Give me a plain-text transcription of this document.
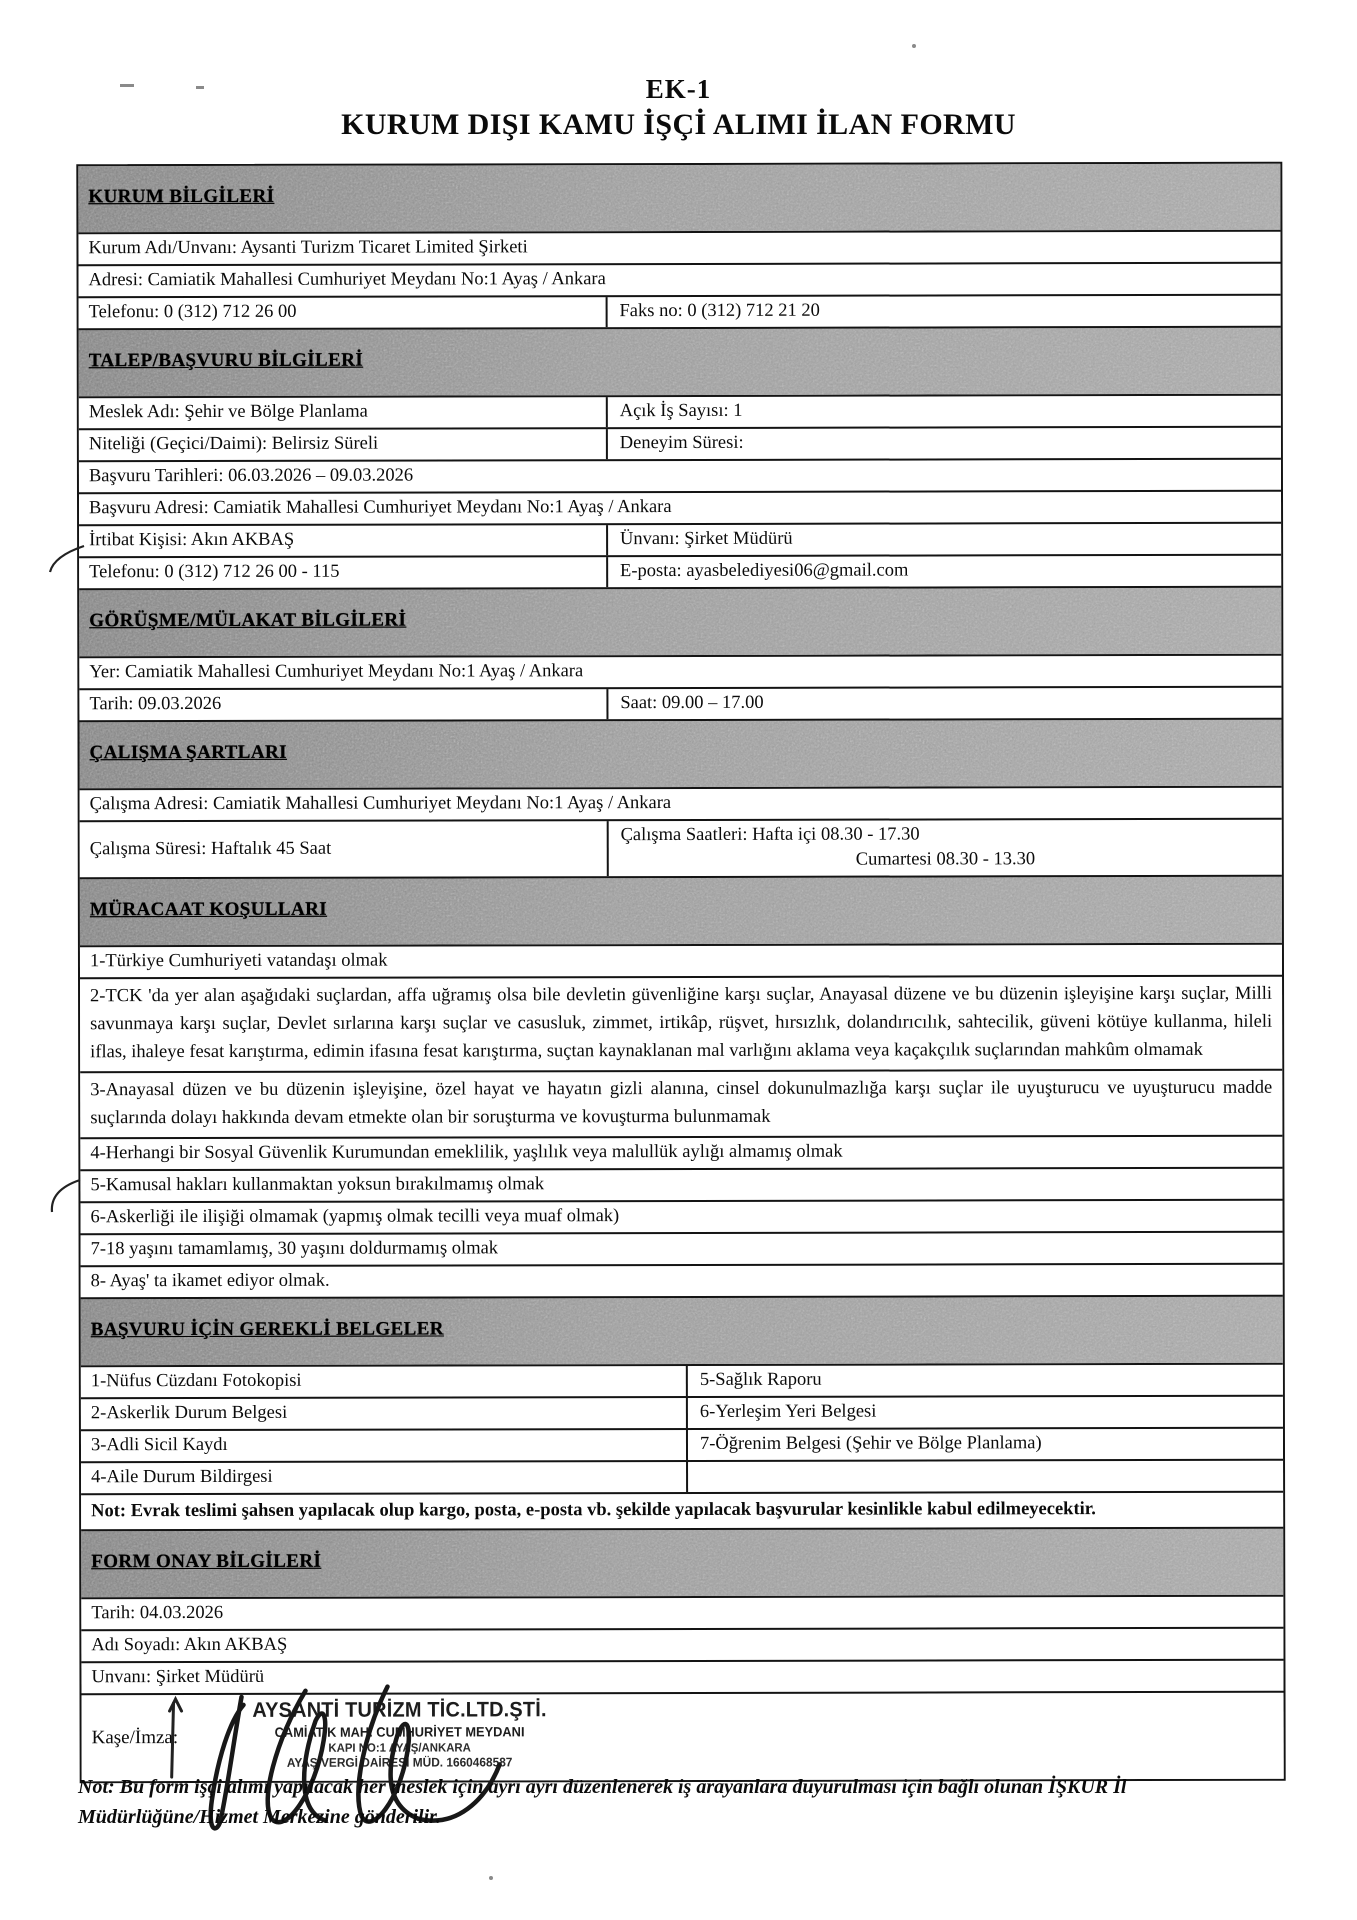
EK-1
KURUM DIŞI KAMU İŞÇİ ALIMI İLAN FORMU
KURUM BİLGİLERİ
Kurum Adı/Unvanı: Aysanti Turizm Ticaret Limited Şirketi
Adresi: Camiatik Mahallesi Cumhuriyet Meydanı No:1 Ayaş / Ankara
Telefonu: 0 (312) 712 26 00	Faks no: 0 (312) 712 21 20
TALEP/BAŞVURU BİLGİLERİ
Meslek Adı: Şehir ve Bölge Planlama	Açık İş Sayısı: 1
Niteliği (Geçici/Daimi): Belirsiz Süreli	Deneyim Süresi:
Başvuru Tarihleri: 06.03.2026 – 09.03.2026
Başvuru Adresi: Camiatik Mahallesi Cumhuriyet Meydanı No:1 Ayaş / Ankara
İrtibat Kişisi: Akın AKBAŞ	Ünvanı: Şirket Müdürü
Telefonu: 0 (312) 712 26 00 - 115	E-posta: ayasbelediyesi06@gmail.com
GÖRÜŞME/MÜLAKAT BİLGİLERİ
Yer: Camiatik Mahallesi Cumhuriyet Meydanı No:1 Ayaş / Ankara
Tarih: 09.03.2026	Saat: 09.00 – 17.00
ÇALIŞMA ŞARTLARI
Çalışma Adresi: Camiatik Mahallesi Cumhuriyet Meydanı No:1 Ayaş / Ankara
Çalışma Süresi: Haftalık 45 Saat
Çalışma Saatleri: Hafta içi 08.30 - 17.30
Cumartesi 08.30 - 13.30
MÜRACAAT KOŞULLARI
1-Türkiye Cumhuriyeti vatandaşı olmak
2-TCK 'da yer alan aşağıdaki suçlardan, affa uğramış olsa bile devletin güvenliğine karşı suçlar, Anayasal düzene ve bu düzenin işleyişine karşı suçlar, Milli savunmaya karşı suçlar, Devlet sırlarına karşı suçlar ve casusluk, zimmet, irtikâp, rüşvet, hırsızlık, dolandırıcılık, sahtecilik, güveni kötüye kullanma, hileli iflas, ihaleye fesat karıştırma, edimin ifasına fesat karıştırma, suçtan kaynaklanan mal varlığını aklama veya kaçakçılık suçlarından mahkûm olmamak
3-Anayasal düzen ve bu düzenin işleyişine, özel hayat ve hayatın gizli alanına, cinsel dokunulmazlığa karşı suçlar ile uyuşturucu ve uyuşturucu madde suçlarında dolayı hakkında devam etmekte olan bir soruşturma ve kovuşturma bulunmamak
4-Herhangi bir Sosyal Güvenlik Kurumundan emeklilik, yaşlılık veya malullük aylığı almamış olmak
5-Kamusal hakları kullanmaktan yoksun bırakılmamış olmak
6-Askerliği ile ilişiği olmamak (yapmış olmak tecilli veya muaf olmak)
7-18 yaşını tamamlamış, 30 yaşını doldurmamış olmak
8- Ayaş' ta ikamet ediyor olmak.
BAŞVURU İÇİN GEREKLİ BELGELER
1-Nüfus Cüzdanı Fotokopisi	5-Sağlık Raporu
2-Askerlik Durum Belgesi	6-Yerleşim Yeri Belgesi
3-Adli Sicil Kaydı	7-Öğrenim Belgesi (Şehir ve Bölge Planlama)
4-Aile Durum Bildirgesi
Not: Evrak teslimi şahsen yapılacak olup kargo, posta, e-posta vb. şekilde yapılacak başvurular kesinlikle kabul edilmeyecektir.
FORM ONAY BİLGİLERİ
Tarih: 04.03.2026
Adı Soyadı: Akın AKBAŞ
Unvanı: Şirket Müdürü
Kaşe/İmza:
AYSANTİ TURİZM TİC.LTD.ŞTİ.
CAMİATİK MAH. CUMHURİYET MEYDANI
KAPI NO:1 AYAŞ/ANKARA
AYAŞ VERGİ DAİRESİ MÜD. 1660468587
Not: Bu form işçi alımı yapılacak her meslek için ayrı ayrı düzenlenerek iş arayanlara duyurulması için bağlı olunan İŞKUR İl Müdürlüğüne/Hizmet Merkezine gönderilir.
